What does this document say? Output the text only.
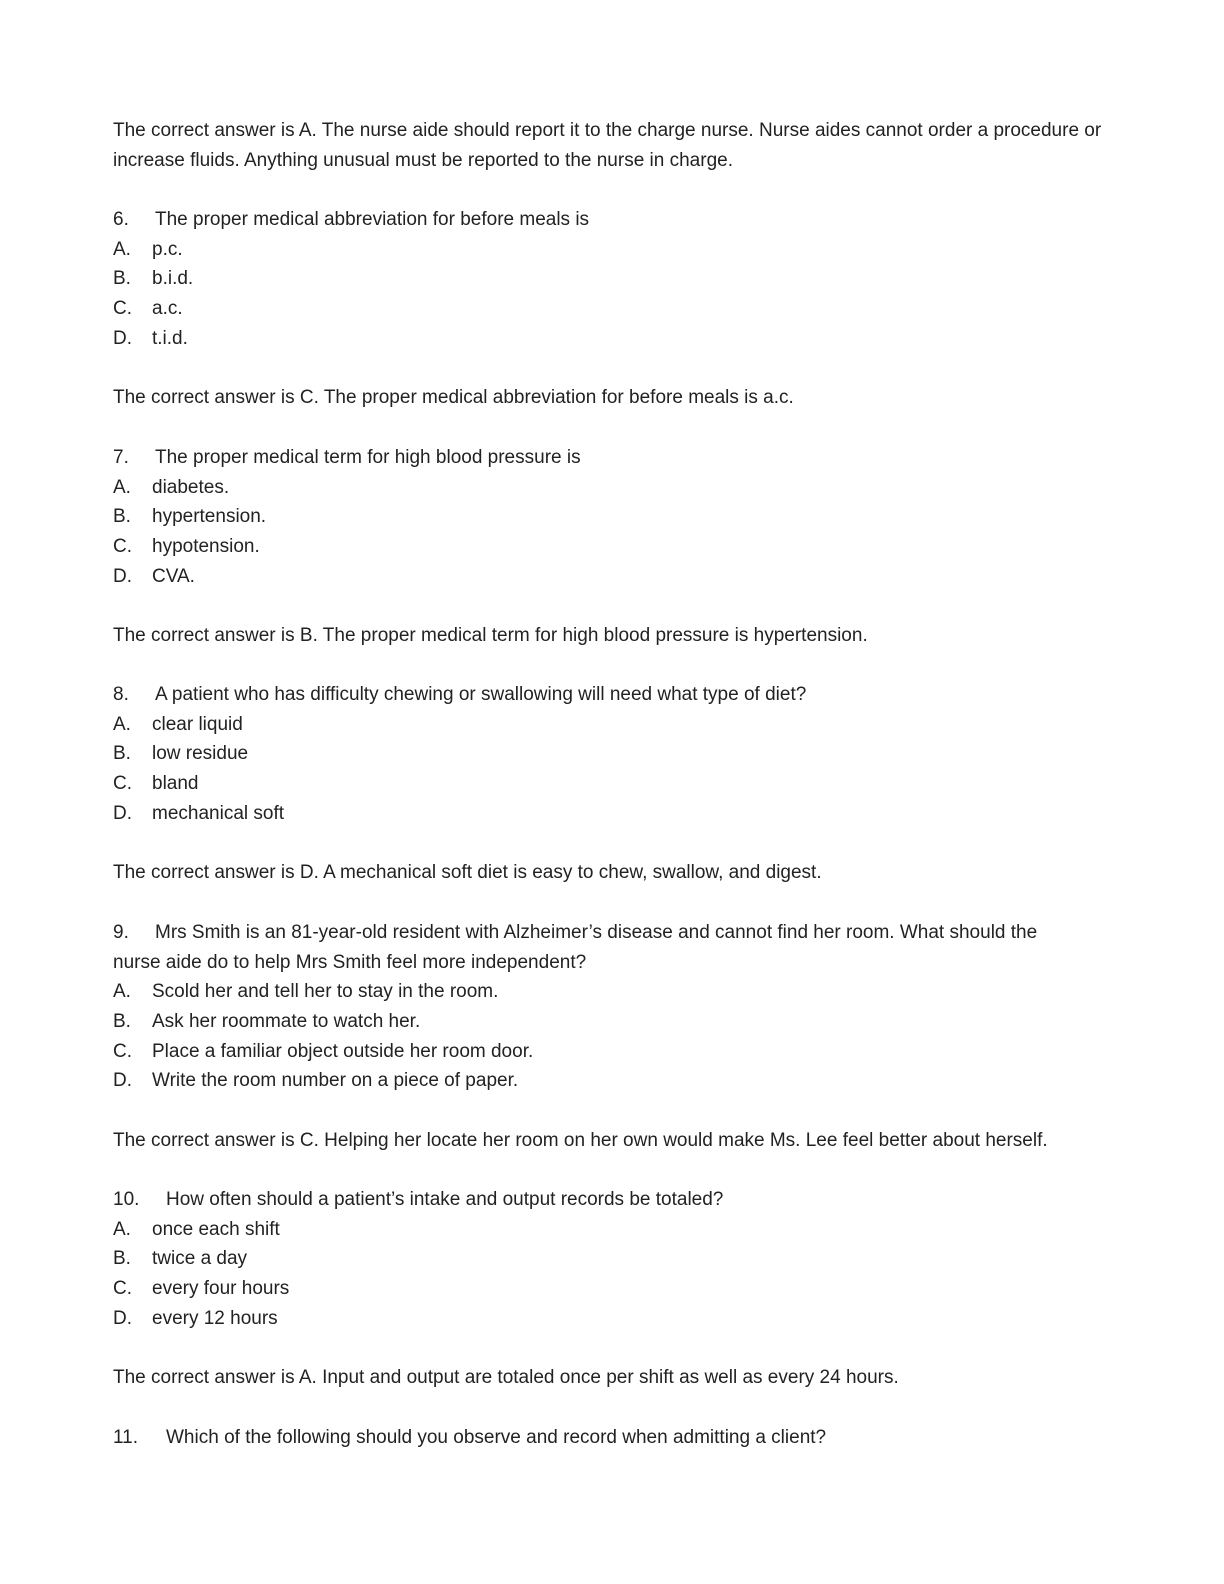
The correct answer is A. The nurse aide should report it to the charge nurse. Nurse aides cannot order a procedure or increase fluids. Anything unusual must be reported to the nurse in charge.
6. The proper medical abbreviation for before meals is
A. p.c.
B. b.i.d.
C. a.c.
D. t.i.d.
The correct answer is C. The proper medical abbreviation for before meals is a.c.
7. The proper medical term for high blood pressure is
A. diabetes.
B. hypertension.
C. hypotension.
D. CVA.
The correct answer is B. The proper medical term for high blood pressure is hypertension.
8. A patient who has difficulty chewing or swallowing will need what type of diet?
A. clear liquid
B. low residue
C. bland
D. mechanical soft
The correct answer is D. A mechanical soft diet is easy to chew, swallow, and digest.
9. Mrs Smith is an 81-year-old resident with Alzheimer’s disease and cannot find her room. What should the
nurse aide do to help Mrs Smith feel more independent?
A. Scold her and tell her to stay in the room.
B. Ask her roommate to watch her.
C. Place a familiar object outside her room door.
D. Write the room number on a piece of paper.
The correct answer is C. Helping her locate her room on her own would make Ms. Lee feel better about herself.
10. How often should a patient’s intake and output records be totaled?
A. once each shift
B. twice a day
C. every four hours
D. every 12 hours
The correct answer is A. Input and output are totaled once per shift as well as every 24 hours.
11. Which of the following should you observe and record when admitting a client?
